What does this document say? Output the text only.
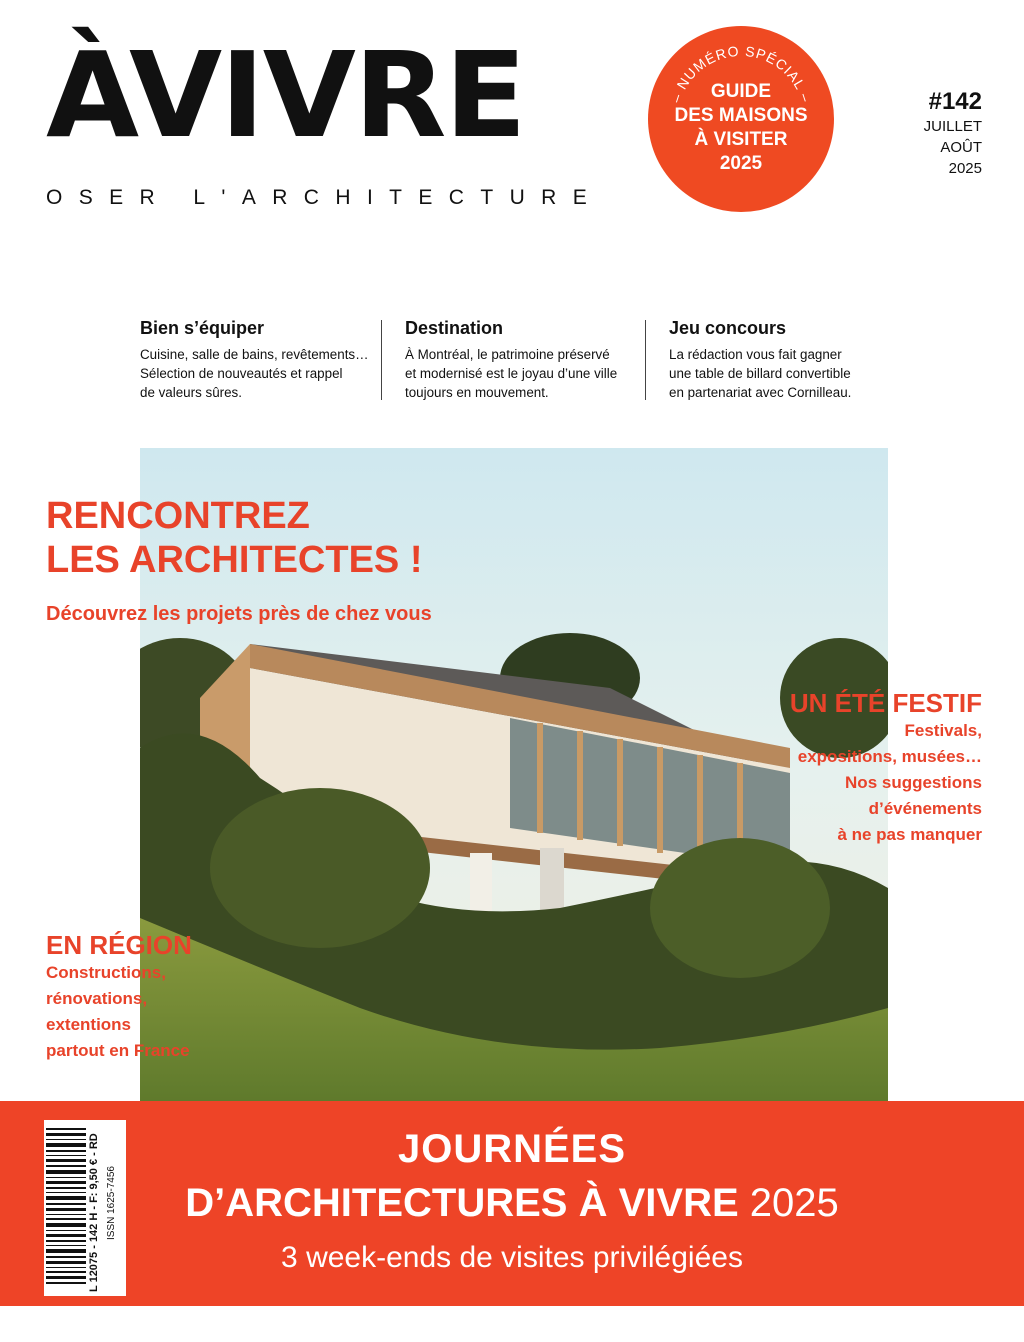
ÀVIVRE
OSER L'ARCHITECTURE
– NUMÉRO SPÉCIAL –
GUIDE
DES MAISONS
À VISITER
2025
#142
JUILLET
AOÛT
2025
Bien s’équiper

Cuisine, salle de bains, revêtements…
Sélection de nouveautés et rappel
de valeurs sûres.

Destination

À Montréal, le patrimoine préservé
et modernisé est le joyau d’une ville
toujours en mouvement.

Jeu concours

La rédaction vous fait gagner
une table de billard convertible
en partenariat avec Cornilleau.

RENCONTREZ
LES ARCHITECTES !
Découvrez les projets près de chez vous
UN ÉTÉ FESTIF
Festivals,
expositions, musées…
Nos suggestions
d’événements
à ne pas manquer
EN RÉGION
Constructions,
rénovations,
extentions
partout en France
JOURNÉES
D’ARCHITECTURES À VIVRE 2025
3 week-ends de visites privilégiées
L 12075 - 142 H - F: 9,50 € - RD ISSN 1625-7456
